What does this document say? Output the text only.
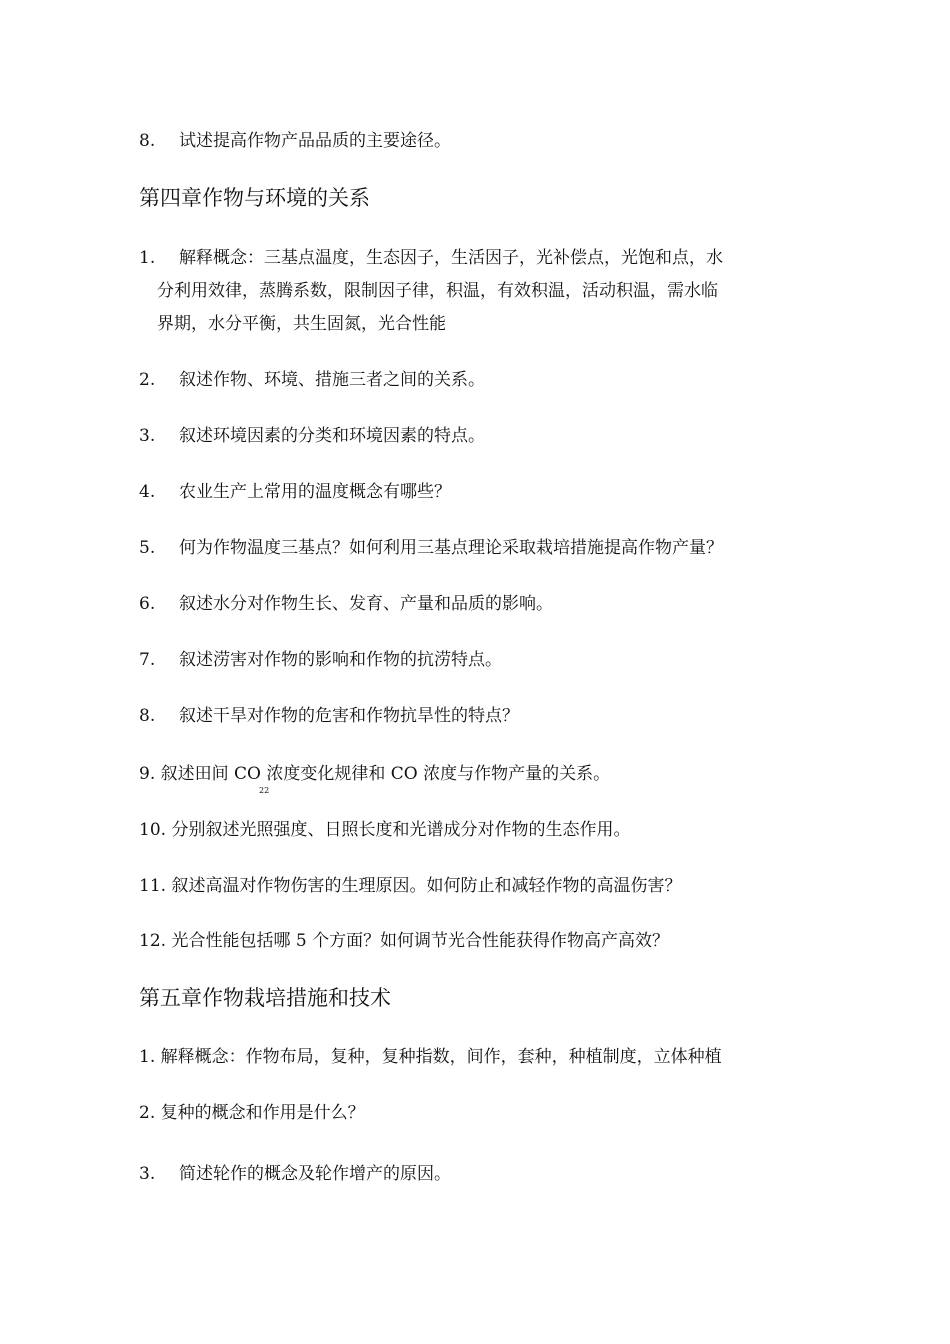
8. 试述提高作物产品品质的主要途径。
第四章作物与环境的关系
1. 解释概念：三基点温度，生态因子，生活因子，光补偿点，光饱和点，水
分利用效律，蒸腾系数，限制因子律，积温，有效积温，活动积温，需水临
界期，水分平衡，共生固氮，光合性能
2. 叙述作物、环境、措施三者之间的关系。
3. 叙述环境因素的分类和环境因素的特点。
4. 农业生产上常用的温度概念有哪些？
5. 何为作物温度三基点？如何利用三基点理论采取栽培措施提高作物产量？
6. 叙述水分对作物生长、发育、产量和品质的影响。
7. 叙述涝害对作物的影响和作物的抗涝特点。
8. 叙述干旱对作物的危害和作物抗旱性的特点？
9. 叙述田间 CO 浓度变化规律和 CO 浓度与作物产量的关系。
22
10. 分别叙述光照强度、日照长度和光谱成分对作物的生态作用。
11. 叙述高温对作物伤害的生理原因。如何防止和减轻作物的高温伤害？
12. 光合性能包括哪 5 个方面？如何调节光合性能获得作物高产高效？
第五章作物栽培措施和技术
1. 解释概念：作物布局，复种，复种指数，间作，套种，种植制度，立体种植
2. 复种的概念和作用是什么？
3. 简述轮作的概念及轮作增产的原因。
